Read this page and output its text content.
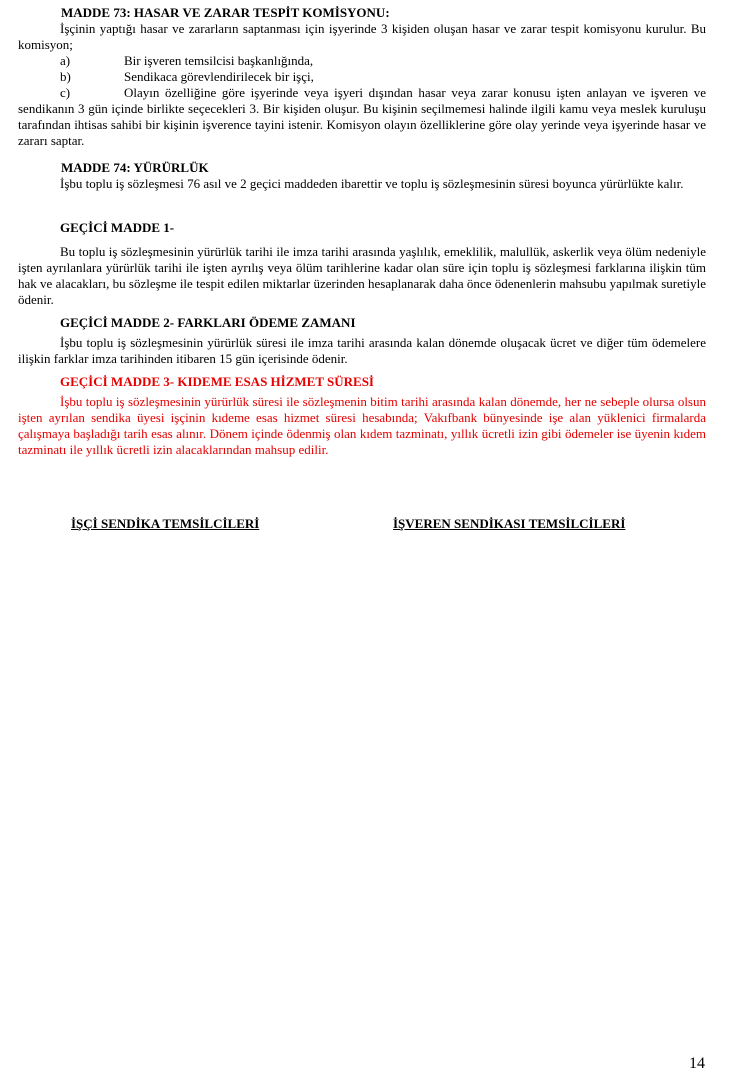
MADDE 73: HASAR VE ZARAR TESPİT KOMİSYONU:

İşçinin yaptığı hasar ve zararların saptanması için işyerinde 3 kişiden oluşan hasar ve zarar tespit komisyonu kurulur. Bu komisyon;

a)	Bir işveren temsilcisi başkanlığında,
b)	Sendikaca görevlendirilecek bir işçi,
c)	Olayın özelliğine göre işyerinde veya işyeri dışından hasar veya zarar konusu işten anlayan ve işveren ve sendikanın 3 gün içinde birlikte seçecekleri 3. Bir kişiden oluşur. Bu kişinin seçilmemesi halinde ilgili kamu veya meslek kuruluşu tarafından ihtisas sahibi bir kişinin işverence tayini istenir. Komisyon olayın özelliklerine göre olay yerinde veya işyerinde hasar ve zararı saptar.

MADDE 74: YÜRÜRLÜK

İşbu toplu iş sözleşmesi 76 asıl ve 2 geçici maddeden ibarettir ve toplu iş sözleşmesinin süresi boyunca yürürlükte kalır.

GEÇİCİ MADDE 1-

Bu toplu iş sözleşmesinin yürürlük tarihi ile imza tarihi arasında yaşlılık, emeklilik, malullük, askerlik veya ölüm nedeniyle işten ayrılanlara yürürlük tarihi ile işten ayrılış veya ölüm tarihlerine kadar olan süre için toplu iş sözleşmesi farklarına ilişkin tüm hak ve alacakları, bu sözleşme ile tespit edilen miktarlar üzerinden hesaplanarak daha önce ödenenlerin mahsubu yapılmak suretiyle ödenir.

GEÇİCİ MADDE 2- FARKLARI ÖDEME ZAMANI

İşbu toplu iş sözleşmesinin yürürlük süresi ile imza tarihi arasında kalan dönemde oluşacak ücret ve diğer tüm ödemelere ilişkin farklar imza tarihinden itibaren 15 gün içerisinde ödenir.

GEÇİCİ MADDE 3- KIDEME ESAS HİZMET SÜRESİ

İşbu toplu iş sözleşmesinin yürürlük süresi ile sözleşmenin bitim tarihi arasında kalan dönemde, her ne sebeple olursa olsun işten ayrılan sendika üyesi işçinin kıdeme esas hizmet süresi hesabında; Vakıfbank bünyesinde işe alan yüklenici firmalarda çalışmaya başladığı tarih esas alınır. Dönem içinde ödenmiş olan kıdem tazminatı, yıllık ücretli izin gibi ödemeler ise üyenin kıdem tazminatı ile yıllık ücretli izin alacaklarından mahsup edilir.

İŞÇİ SENDİKA TEMSİLCİLERİ	İŞVEREN SENDİKASI TEMSİLCİLERİ
14
